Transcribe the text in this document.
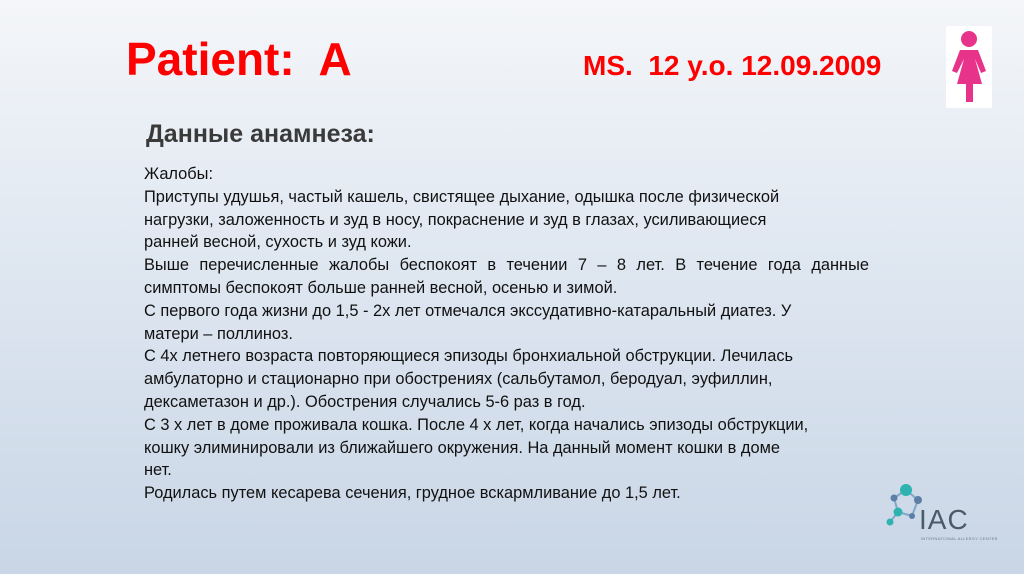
Patient:  A	MS.  12 y.o. 12.09.2009
Данные анамнеза:

Жалобы:

Приступы удушья, частый кашель, свистящее дыхание, одышка после физической

нагрузки, заложенность и зуд в носу, покраснение и зуд в глазах, усиливающиеся

ранней весной, сухость и зуд кожи.

Выше перечисленные жалобы беспокоят в течении 7 – 8 лет. В течение года данные

симптомы беспокоят больше ранней весной, осенью и зимой.

С первого года жизни до 1,5 - 2х лет отмечался экссудативно-катаральный диатез. У

матери – поллиноз.

С 4х летнего возраста повторяющиеся эпизоды бронхиальной обструкции. Лечилась

амбулаторно и стационарно при обострениях (сальбутамол, беродуал, эуфиллин,

дексаметазон и др.). Обострения случались 5-6 раз в год.

С 3 х лет в доме проживала кошка. После 4 х лет, когда начались эпизоды обструкции,

кошку элиминировали из ближайшего окружения. На данный момент кошки в доме

нет.

Родилась путем кесарева сечения, грудное вскармливание до 1,5 лет.

IAC
INTERNATIONAL ALLERGY CENTER
